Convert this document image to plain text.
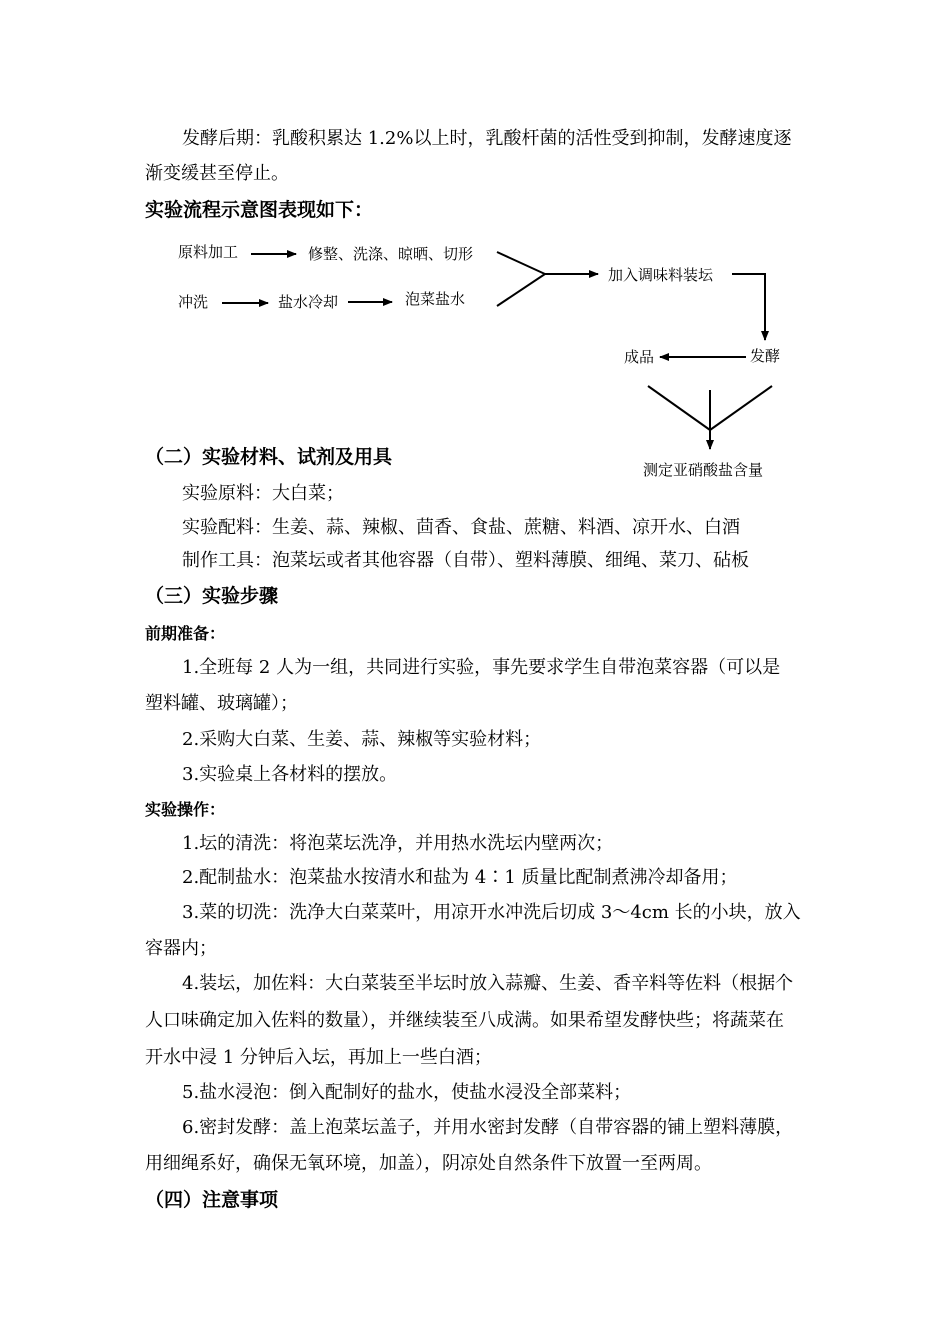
发酵后期：乳酸积累达 1.2%以上时，乳酸杆菌的活性受到抑制，发酵速度逐
渐变缓甚至停止。
实验流程示意图表现如下：
原料加工	修整、洗涤、晾晒、切形
冲洗	盐水冷却	泡菜盐水
加入调味料装坛
成品	发酵
测定亚硝酸盐含量
（二）实验材料、试剂及用具
实验原料：大白菜；
实验配料：生姜、蒜、辣椒、茴香、食盐、蔗糖、料酒、凉开水、白酒
制作工具：泡菜坛或者其他容器（自带）、塑料薄膜、细绳、菜刀、砧板
（三）实验步骤
前期准备：
1.全班每 2 人为一组，共同进行实验，事先要求学生自带泡菜容器（可以是
塑料罐、玻璃罐）；
2.采购大白菜、生姜、蒜、辣椒等实验材料；
3.实验桌上各材料的摆放。
实验操作：
1.坛的清洗：将泡菜坛洗净，并用热水洗坛内壁两次；
2.配制盐水：泡菜盐水按清水和盐为 4∶1 质量比配制煮沸冷却备用；
3.菜的切洗：洗净大白菜菜叶，用凉开水冲洗后切成 3～4cm 长的小块，放入
容器内；
4.装坛，加佐料：大白菜装至半坛时放入蒜瓣、生姜、香辛料等佐料（根据个
人口味确定加入佐料的数量），并继续装至八成满。如果希望发酵快些；将蔬菜在
开水中浸 1 分钟后入坛，再加上一些白酒；
5.盐水浸泡：倒入配制好的盐水，使盐水浸没全部菜料；
6.密封发酵：盖上泡菜坛盖子，并用水密封发酵（自带容器的铺上塑料薄膜，
用细绳系好，确保无氧环境，加盖），阴凉处自然条件下放置一至两周。
（四）注意事项
